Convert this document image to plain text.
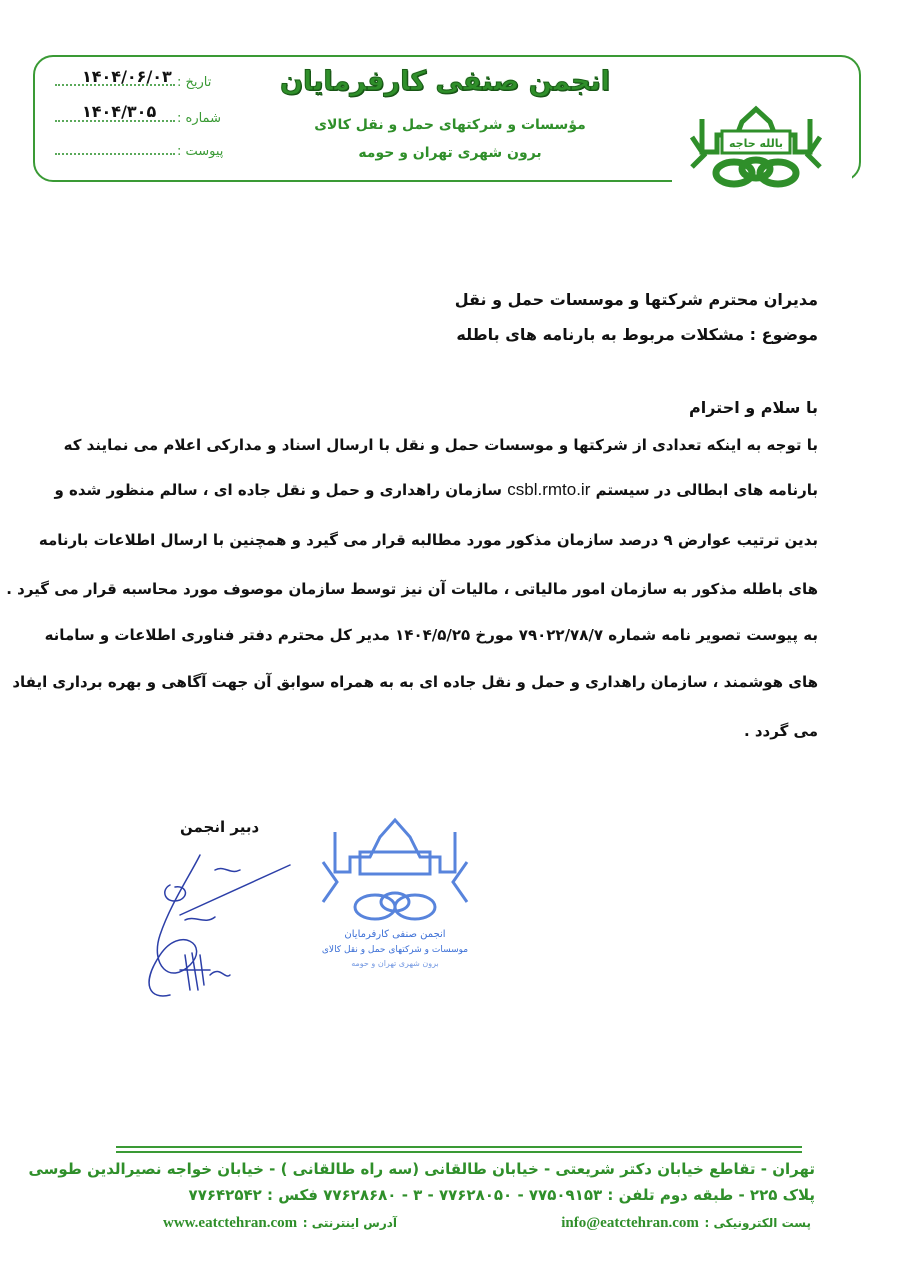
تاریخ :
۱۴۰۴/۰۶/۰۳
شماره :
۱۴۰۴/۳۰۵
پیوست :
انجمن صنفی کارفرمایان
مؤسسات و شرکتهای حمل و نقل کالای
برون شهری تهران و حومه
بالله حاجه
مدیران محترم شرکتها و موسسات حمل و نقل
موضوع : مشکلات مربوط به بارنامه های باطله
با سلام و احترام
با توجه به اینکه تعدادی از شرکتها و موسسات حمل و نقل با ارسال اسناد و مدارکی اعلام می نمایند که
بارنامه های ابطالی در سیستم csbl.rmto.ir سازمان راهداری و حمل و نقل جاده ای ، سالم منظور شده و
بدین ترتیب عوارض ۹ درصد سازمان مذکور مورد مطالبه قرار می گیرد و همچنین با ارسال اطلاعات بارنامه
های باطله مذکور به سازمان امور مالیاتی ، مالیات آن نیز توسط سازمان موصوف مورد محاسبه قرار می گیرد .
به پیوست تصویر نامه شماره ۷۹۰۲۲/۷۸/۷ مورخ ۱۴۰۴/۵/۲۵ مدیر کل محترم دفتر فناوری اطلاعات و سامانه
های هوشمند ، سازمان راهداری و حمل و نقل جاده ای به به همراه سوابق آن جهت آگاهی و بهره برداری ایفاد
می گردد .
دبیر انجمن
انجمن صنفی کارفرمایان
موسسات و شرکتهای حمل و نقل کالای
برون شهری تهران و حومه
تهران - تقاطع خیابان دکتر شریعتی - خیابان طالقانی (سه راه طالقانی ) - خیابان خواجه نصیرالدین طوسی
پلاک ۲۲۵ - طبقه دوم تلفن : ۷۷۵۰۹۱۵۳ - ۷۷۶۲۸۰۵۰ - ۳ - ۷۷۶۲۸۶۸۰ فکس : ۷۷۶۴۲۵۴۲
پست الکترونیکی : info@eatctehran.com
آدرس اینترنتی : www.eatctehran.com
